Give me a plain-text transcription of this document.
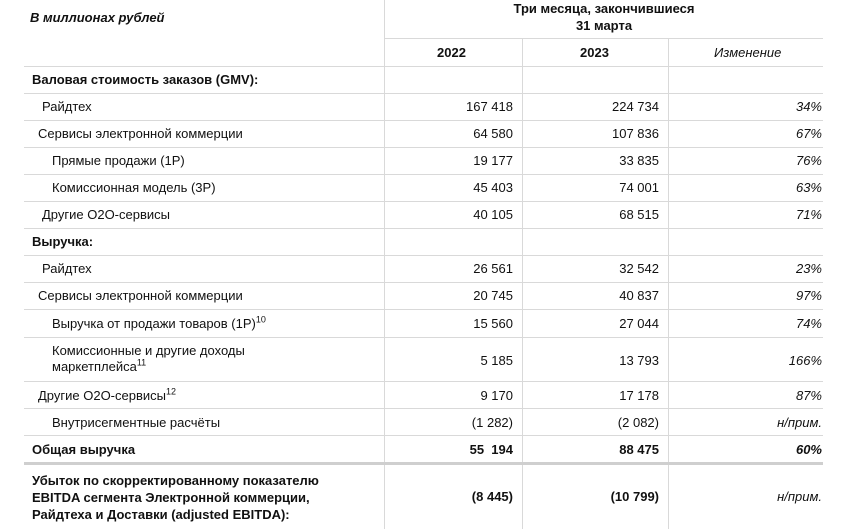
В миллионах рублей
Три месяца, закончившиеся
31 марта
2022	2023	Изменение
Валовая стоимость заказов (GMV):
Райдтех	167 418	224 734	34%
Сервисы электронной коммерции	64 580	107 836	67%
Прямые продажи (1P)	19 177	33 835	76%
Комиссионная модель (3P)	45 403	74 001	63%
Другие O2O-сервисы	40 105	68 515	71%
Выручка:
Райдтех	26 561	32 542	23%
Сервисы электронной коммерции	20 745	40 837	97%
Выручка от продажи товаров $(1P)^{10}$	15 560	27 044	74%
Комиссионные и другие доходы
маркетплейса$^{11}$	5 185	13 793	166%
Другие O2O-сервисы$^{12}$	9 170	17 178	87%
Внутрисегментные расчёты	(1 282)	(2 082)	н/прим.
Общая выручка	55  194	88 475	60%
Убыток по скорректированному показателю
EBITDA сегмента Электронной коммерции,
Райдтеха и Доставки (adjusted EBITDA):
(8 445)	(10 799)	н/прим.
